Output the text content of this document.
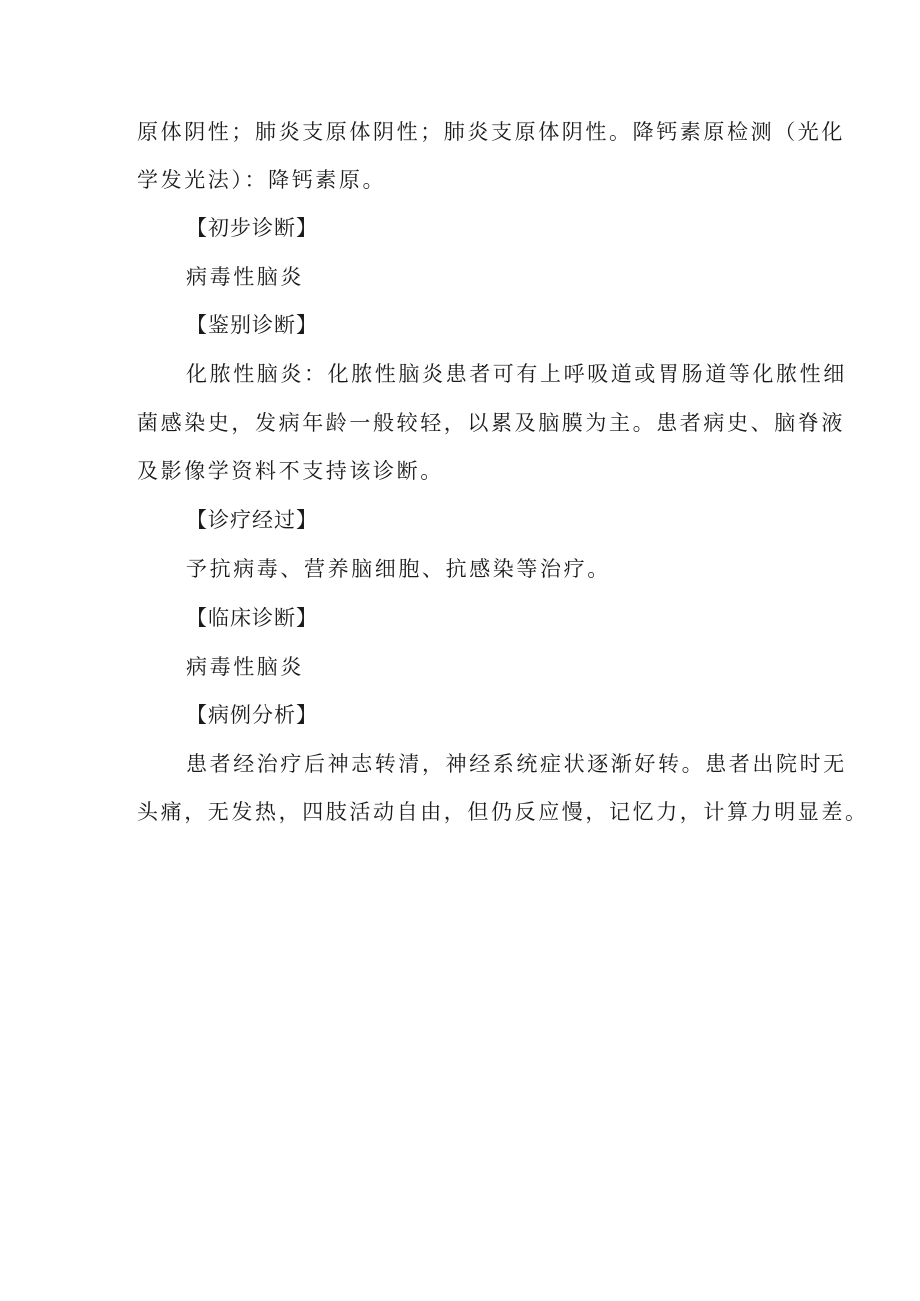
原体阴性；肺炎支原体阴性；肺炎支原体阴性。降钙素原检测（光化
学发光法）：降钙素原。
【初步诊断】
病毒性脑炎
【鉴别诊断】
化脓性脑炎：化脓性脑炎患者可有上呼吸道或胃肠道等化脓性细
菌感染史，发病年龄一般较轻，以累及脑膜为主。患者病史、脑脊液
及影像学资料不支持该诊断。
【诊疗经过】
予抗病毒、营养脑细胞、抗感染等治疗。
【临床诊断】
病毒性脑炎
【病例分析】
患者经治疗后神志转清，神经系统症状逐渐好转。患者出院时无
头痛，无发热，四肢活动自由，但仍反应慢，记忆力，计算力明显差。
